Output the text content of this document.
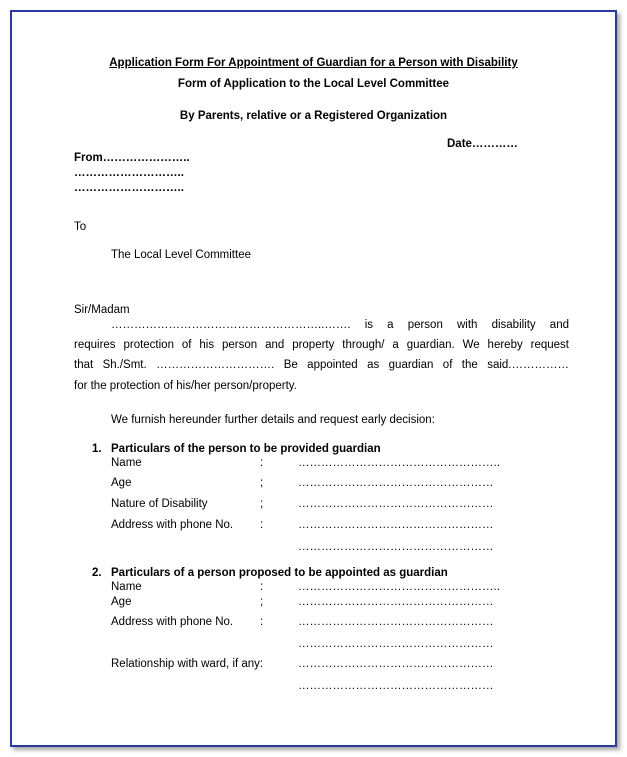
Application Form For Appointment of Guardian for a Person with Disability
Form of Application to the Local Level Committee
By Parents, relative or a Registered Organization
Date…………
From…………………..
………………………..
………………………..
To
The Local Level Committee
Sir/Madam
………………………………………………..……. is a person with disability and
requires protection of his person and property through/ a guardian. We hereby request
that Sh./Smt. …………………………. Be appointed as guardian of the said.……………
for the protection of his/her person/property.
We furnish hereunder further details and request early decision:
1. Particulars of the person to be provided guardian
Name	:	……………………………………………..
Age	;	……………………………………………
Nature of Disability	;	……………………………………………
Address with phone No. :	……………………………………………
……………………………………………
2. Particulars of a person proposed to be appointed as guardian
Name	:	……………………………………………..
Age	;	……………………………………………
Address with phone No. :	……………………………………………
……………………………………………
Relationship with ward, if any:	……………………………………………
……………………………………………
